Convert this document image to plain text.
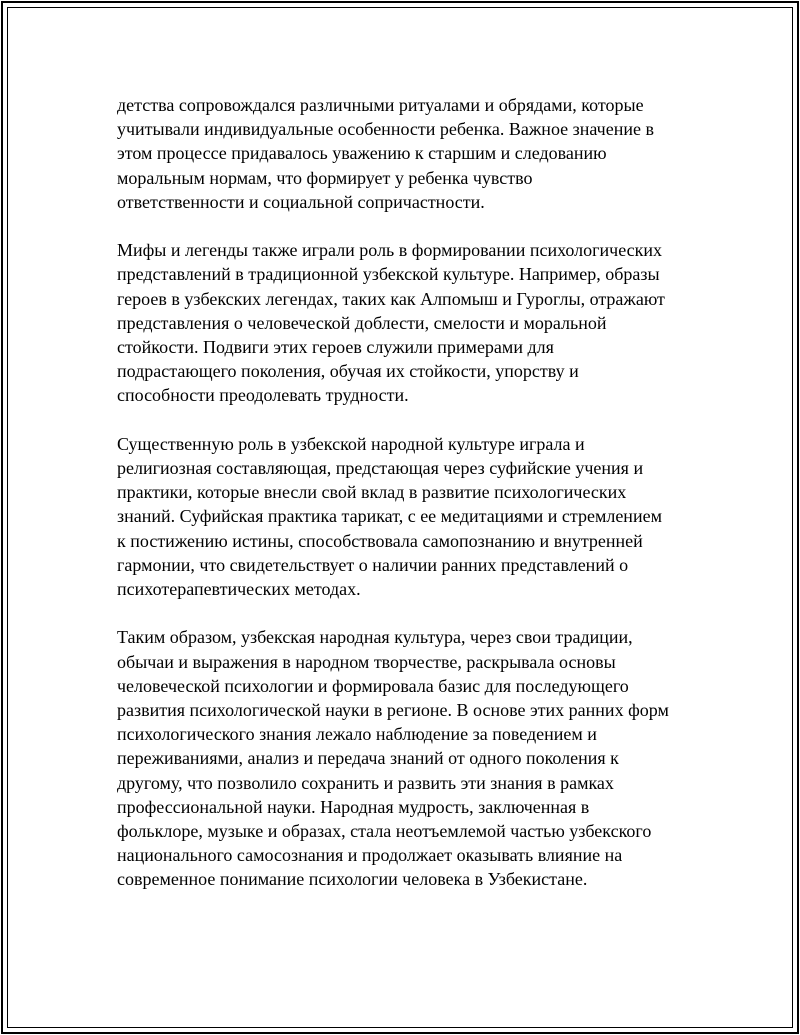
детства сопровождался различными ритуалами и обрядами, которые
учитывали индивидуальные особенности ребенка. Важное значение в
этом процессе придавалось уважению к старшим и следованию
моральным нормам, что формирует у ребенка чувство
ответственности и социальной сопричастности.

Мифы и легенды также играли роль в формировании психологических
представлений в традиционной узбекской культуре. Например, образы
героев в узбекских легендах, таких как Алпомыш и Гуроглы, отражают
представления о человеческой доблести, смелости и моральной
стойкости. Подвиги этих героев служили примерами для
подрастающего поколения, обучая их стойкости, упорству и
способности преодолевать трудности.

Существенную роль в узбекской народной культуре играла и
религиозная составляющая, предстающая через суфийские учения и
практики, которые внесли свой вклад в развитие психологических
знаний. Суфийская практика тарикат, с ее медитациями и стремлением
к постижению истины, способствовала самопознанию и внутренней
гармонии, что свидетельствует о наличии ранних представлений о
психотерапевтических методах.

Таким образом, узбекская народная культура, через свои традиции,
обычаи и выражения в народном творчестве, раскрывала основы
человеческой психологии и формировала базис для последующего
развития психологической науки в регионе. В основе этих ранних форм
психологического знания лежало наблюдение за поведением и
переживаниями, анализ и передача знаний от одного поколения к
другому, что позволило сохранить и развить эти знания в рамках
профессиональной науки. Народная мудрость, заключенная в
фольклоре, музыке и образах, стала неотъемлемой частью узбекского
национального самосознания и продолжает оказывать влияние на
современное понимание психологии человека в Узбекистане.
